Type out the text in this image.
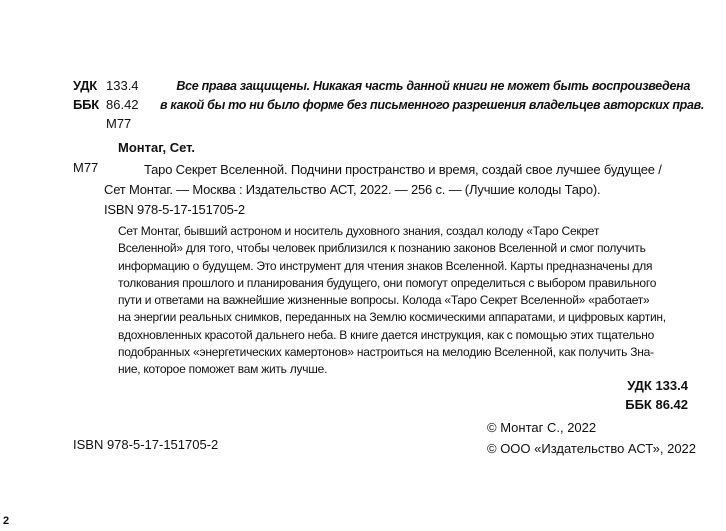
УДК 133.4
ББК 86.42
М77
Все права защищены. Никакая часть данной книги не может быть воспроизведена
в какой бы то ни было форме без письменного разрешения владельцев авторских прав.
М77
Монтаг, Сет.
Таро Секрет Вселенной. Подчини пространство и время, создай свое лучшее будущее /
Сет Монтаг. — Москва : Издательство АСТ, 2022. — 256 с. — (Лучшие колоды Таро).
ISBN 978-5-17-151705-2
Сет Монтаг, бывший астроном и носитель духовного знания, создал колоду «Таро Секрет
Вселенной» для того, чтобы человек приблизился к познанию законов Вселенной и смог получить
информацию о будущем. Это инструмент для чтения знаков Вселенной. Карты предназначены для
толкования прошлого и планирования будущего, они помогут определиться с выбором правильного
пути и ответами на важнейшие жизненные вопросы. Колода «Таро Секрет Вселенной» «работает»
на энергии реальных снимков, переданных на Землю космическими аппаратами, и цифровых картин,
вдохновленных красотой дальнего неба. В книге дается инструкция, как с помощью этих тщательно
подобранных «энергетических камертонов» настроиться на мелодию Вселенной, как получить Зна-
ние, которое поможет вам жить лучше.
УДК 133.4
ББК 86.42
ISBN 978-5-17-151705-2
© Монтаг С., 2022
© ООО «Издательство АСТ», 2022
2
